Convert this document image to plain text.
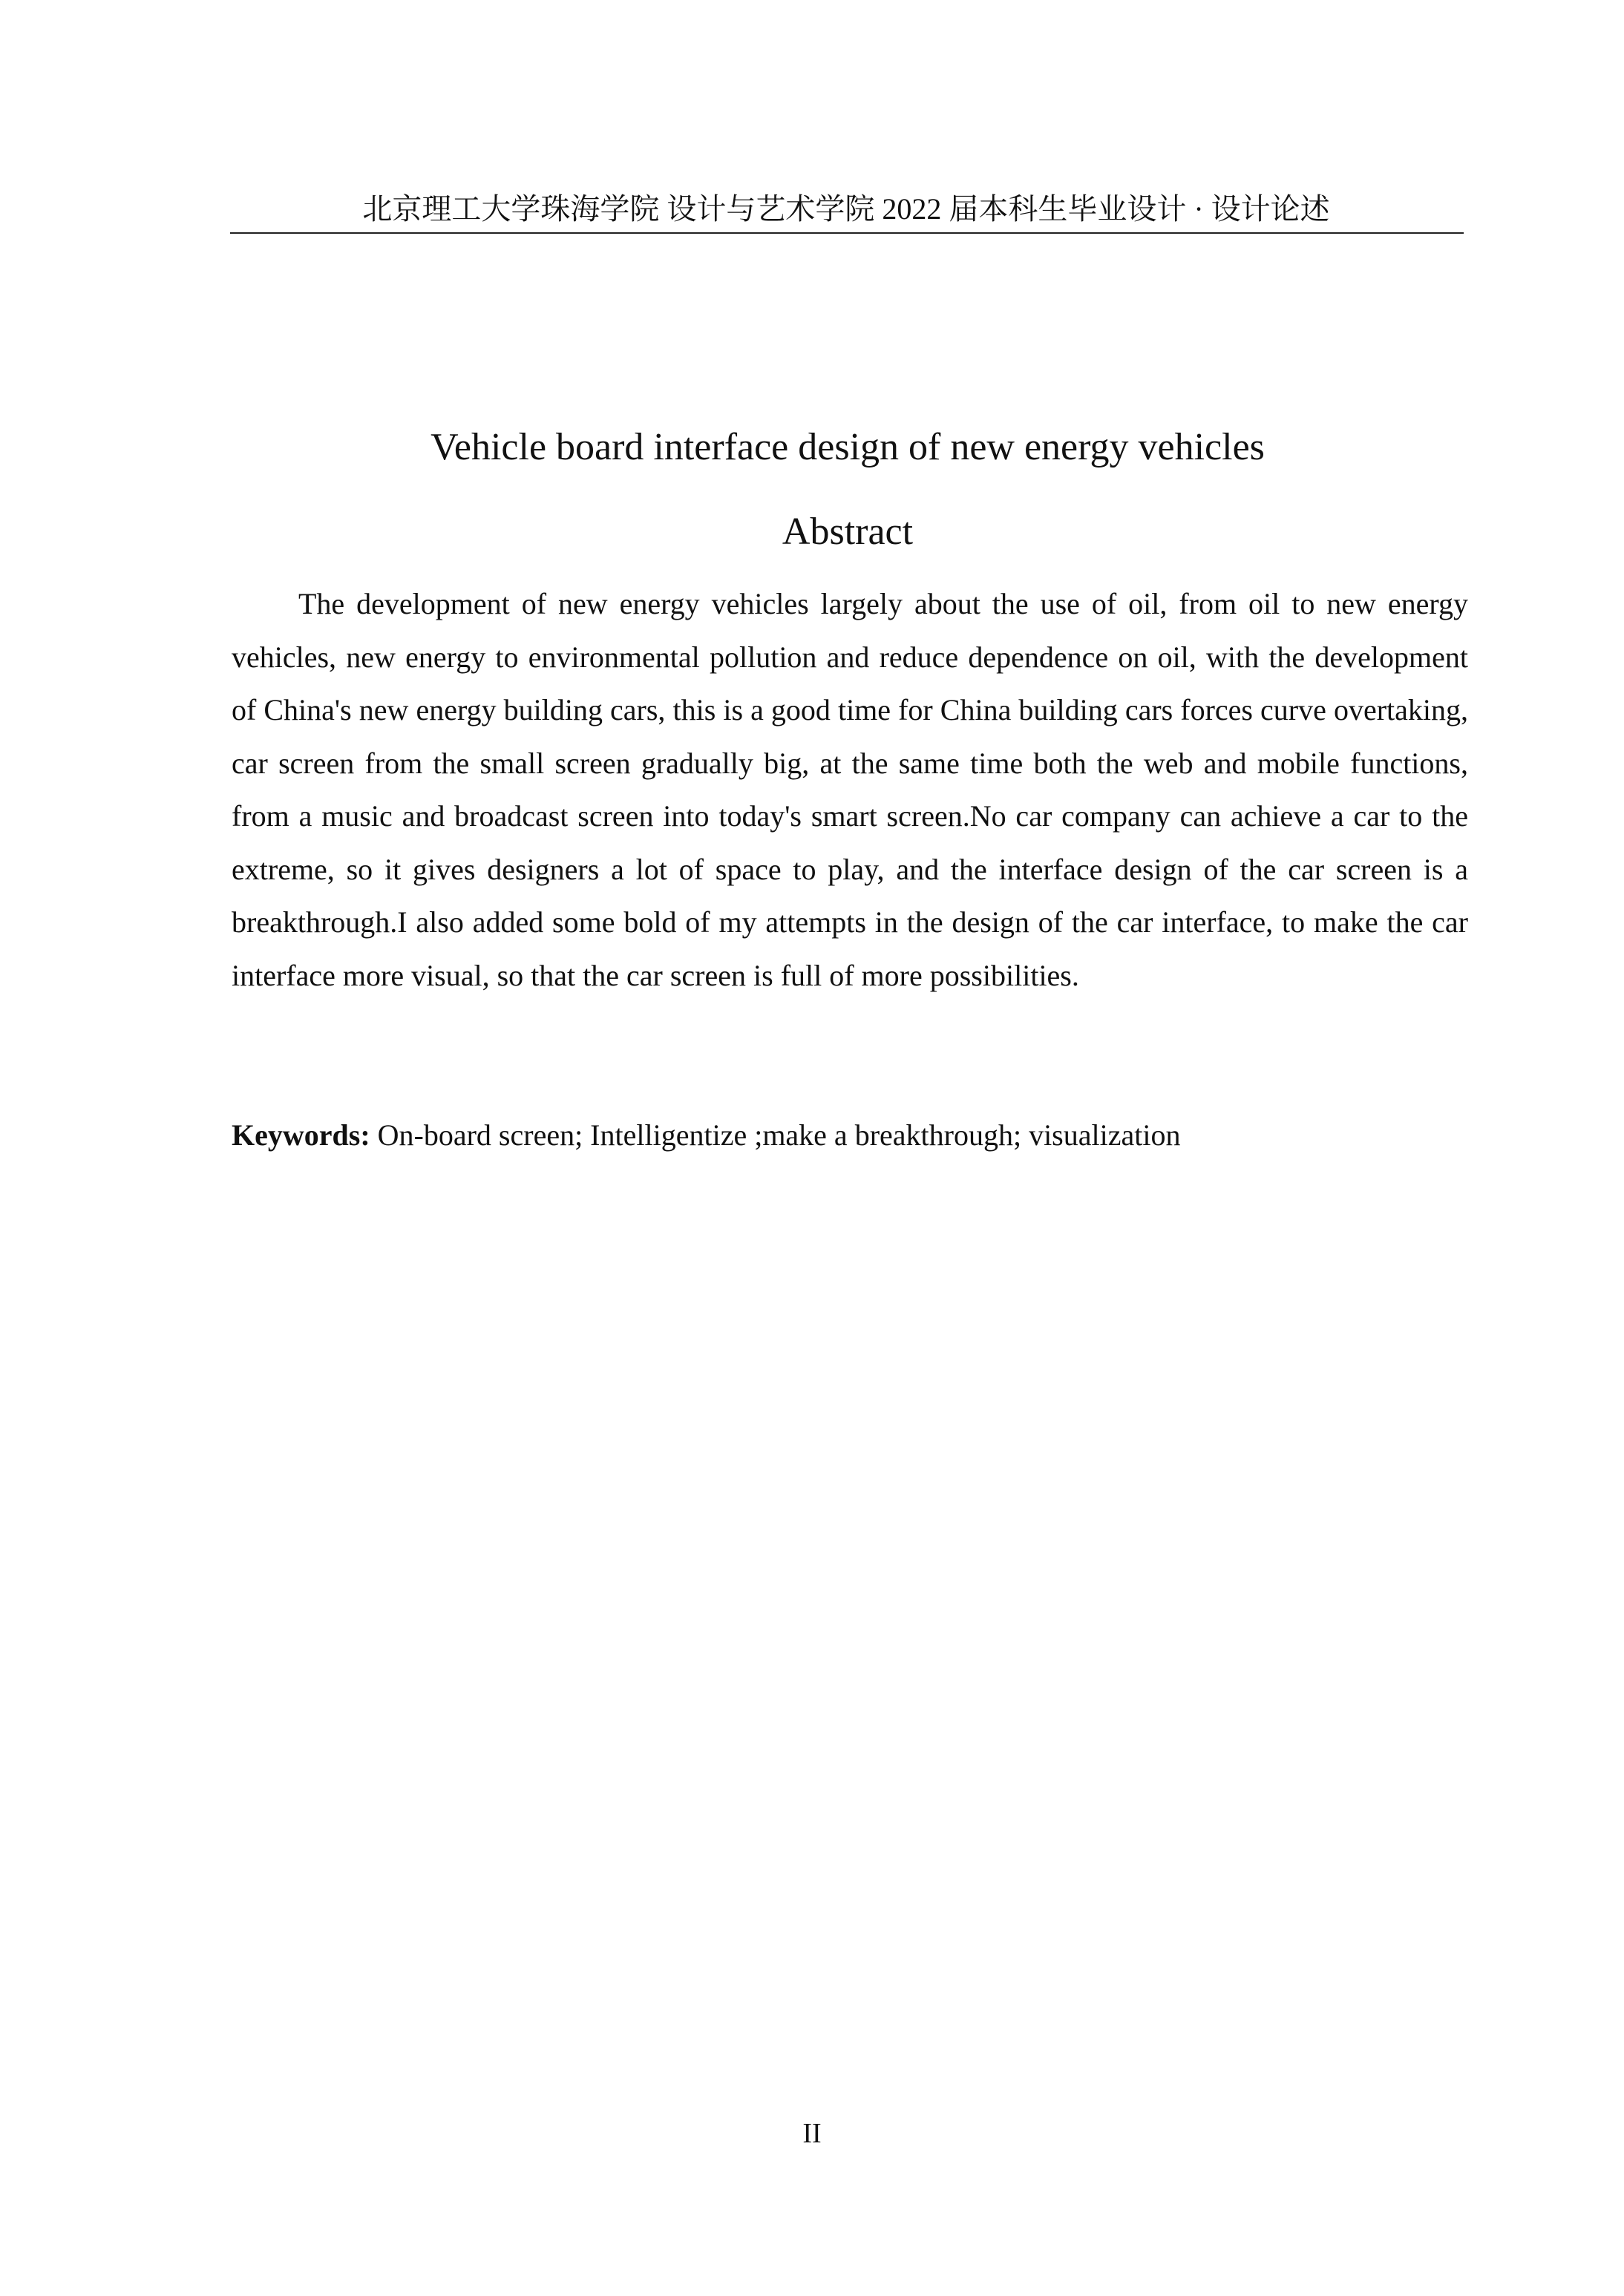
北京理工大学珠海学院 设计与艺术学院 2022 届本科生毕业设计 · 设计论述
Vehicle board interface design of new energy vehicles
Abstract

The development of new energy vehicles largely about the use of oil, from oil to new energy vehicles, new energy to environmental pollution and reduce dependence on oil, with the development of China's new energy building cars, this is a good time for China building cars forces curve overtaking, car screen from the small screen gradually big, at the same time both the web and mobile functions, from a music and broadcast screen into today's smart screen.No car company can achieve a car to the extreme, so it gives designers a lot of space to play, and the interface design of the car screen is a breakthrough.I also added some bold of my attempts in the design of the car interface, to make the car interface more visual, so that the car screen is full of more possibilities.

Keywords: On-board screen; Intelligentize ;make a breakthrough; visualization

II
